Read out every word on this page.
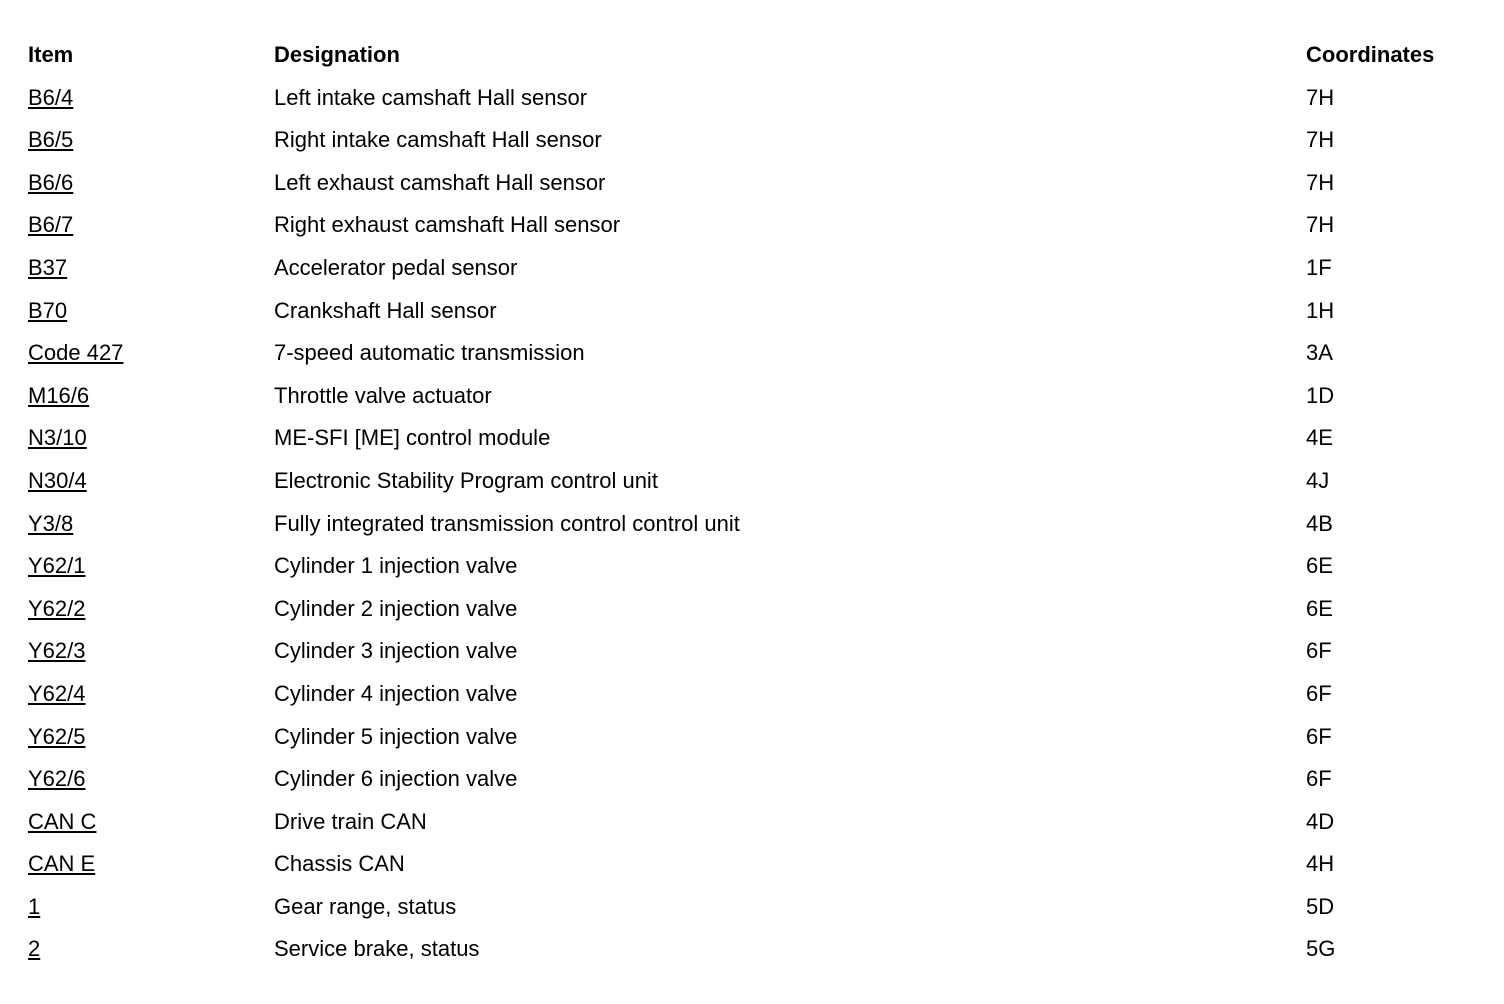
Item	Designation	Coordinates
B6/4	Left intake camshaft Hall sensor	7H
B6/5	Right intake camshaft Hall sensor	7H
B6/6	Left exhaust camshaft Hall sensor	7H
B6/7	Right exhaust camshaft Hall sensor	7H
B37	Accelerator pedal sensor	1F
B70	Crankshaft Hall sensor	1H
Code 427	7-speed automatic transmission	3A
M16/6	Throttle valve actuator	1D
N3/10	ME-SFI [ME] control module	4E
N30/4	Electronic Stability Program control unit	4J
Y3/8	Fully integrated transmission control control unit	4B
Y62/1	Cylinder 1 injection valve	6E
Y62/2	Cylinder 2 injection valve	6E
Y62/3	Cylinder 3 injection valve	6F
Y62/4	Cylinder 4 injection valve	6F
Y62/5	Cylinder 5 injection valve	6F
Y62/6	Cylinder 6 injection valve	6F
CAN C	Drive train CAN	4D
CAN E	Chassis CAN	4H
1	Gear range, status	5D
2	Service brake, status	5G
